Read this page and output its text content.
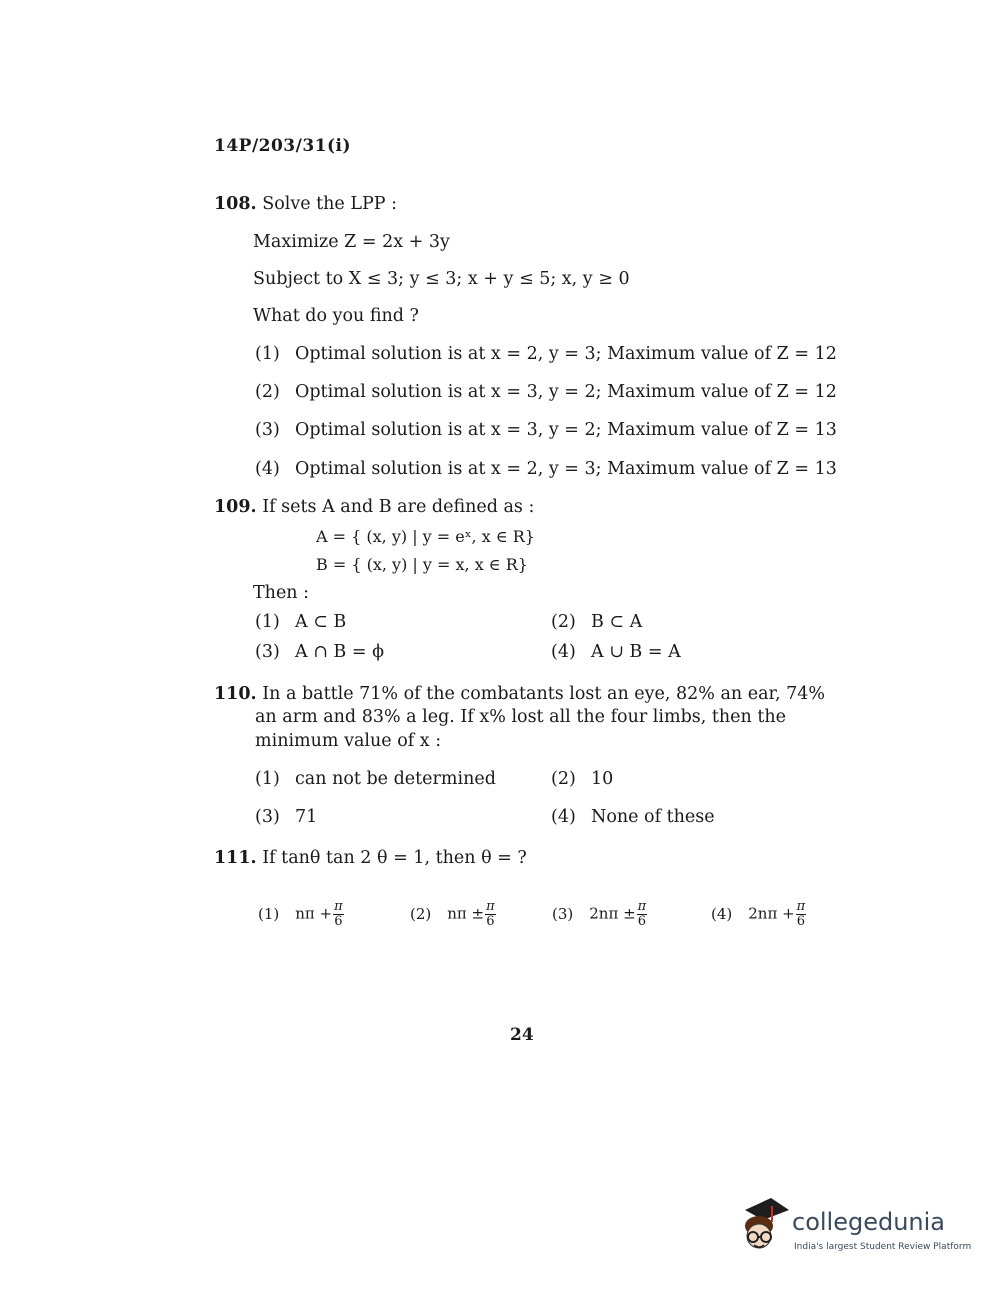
14P/203/31(i)
108. Solve the LPP :
Maximize Z = 2x + 3y
Subject to X ≤ 3; y ≤ 3; x + y ≤ 5; x, y ≥ 0
What do you find ?
(1) Optimal solution is at x = 2, y = 3; Maximum value of Z = 12
(2) Optimal solution is at x = 3, y = 2; Maximum value of Z = 12
(3) Optimal solution is at x = 3, y = 2; Maximum value of Z = 13
(4) Optimal solution is at x = 2, y = 3; Maximum value of Z = 13
109. If sets A and B are defined as :
A = { (x, y) | y = eˣ, x ∈ R}
B = { (x, y) | y = x, x ∈ R}
Then :
(1) A ⊂ B	(2) B ⊂ A
(3) A ∩ B = ϕ	(4) A ∪ B = A
110. In a battle 71% of the combatants lost an eye, 82% an ear, 74%
an arm and 83% a leg. If x% lost all the four limbs, then the
minimum value of x :
(1) can not be determined	(2) 10
(3) 71	(4) None of these
111. If tanθ tan 2 θ = 1, then θ = ?
(1) $n\pi + \frac{\pi}{6}$	(2) $n\pi \pm \frac{\pi}{6}$	(3) $2n\pi \pm \frac{\pi}{6}$	(4) $2n\pi + \frac{\pi}{6}$
24
collegedunia
India's largest Student Review Platform
